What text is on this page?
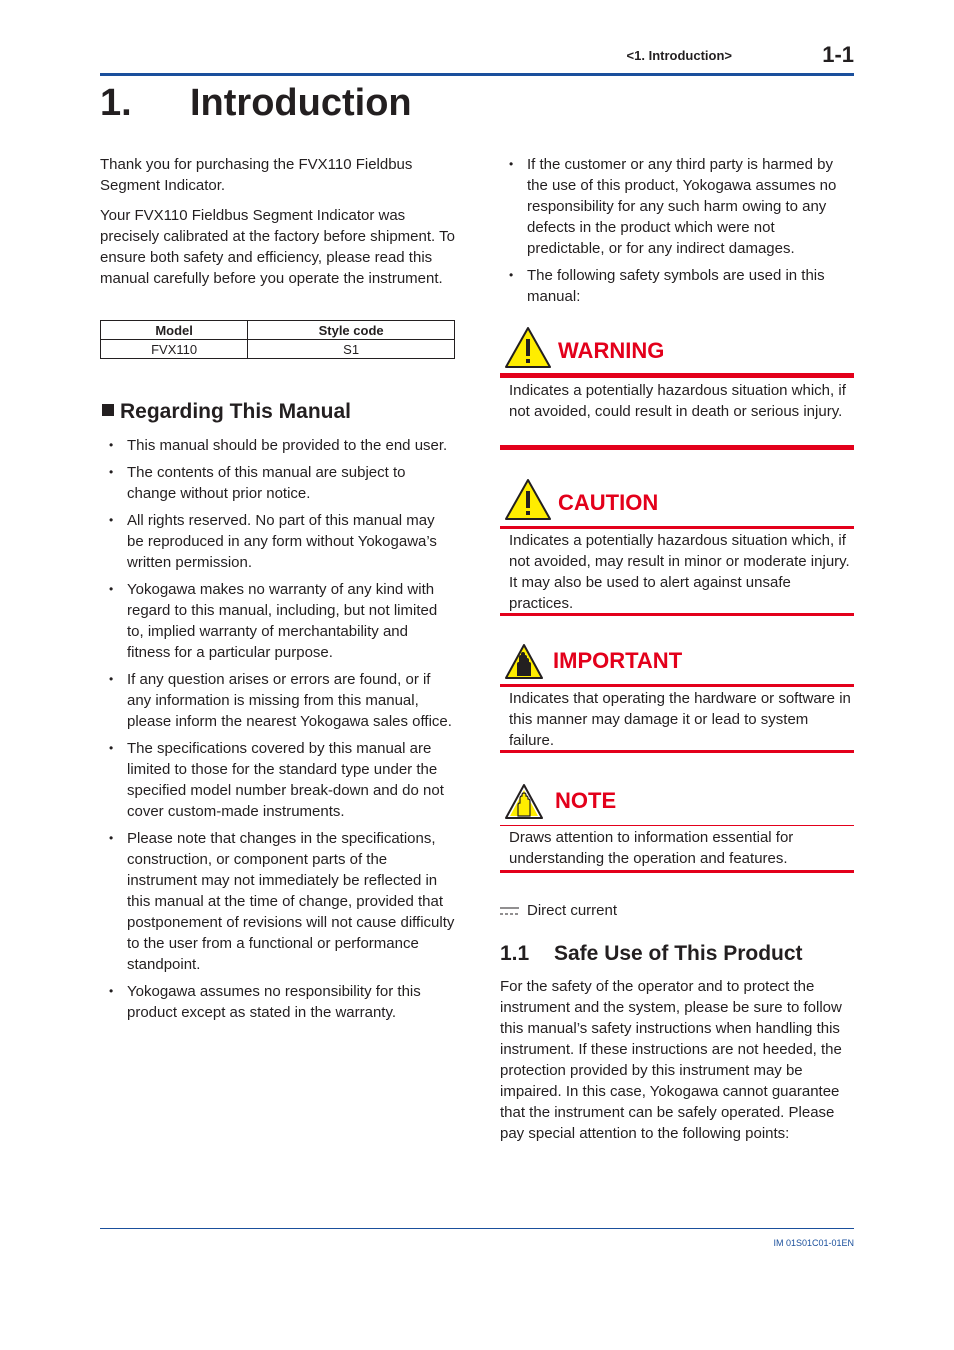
<1. Introduction>	1-1
1. Introduction

Thank you for purchasing the FVX110 Fieldbus Segment Indicator.

Your FVX110 Fieldbus Segment Indicator was precisely calibrated at the factory before shipment. To ensure both safety and efficiency, please read this manual carefully before you operate the instrument.

Model	Style code
FVX110	S1
Regarding This Manual
• This manual should be provided to the end user.
• The contents of this manual are subject to change without prior notice.
• All rights reserved. No part of this manual may be reproduced in any form without Yokogawa’s written permission.
• Yokogawa makes no warranty of any kind with regard to this manual, including, but not limited to, implied warranty of merchantability and fitness for a particular purpose.
• If any question arises or errors are found, or if any information is missing from this manual, please inform the nearest Yokogawa sales office.
• The specifications covered by this manual are limited to those for the standard type under the specified model number break-down and do not cover custom-made instruments.
• Please note that changes in the specifications, construction, or component parts of the instrument may not immediately be reflected in this manual at the time of change, provided that postponement of revisions will not cause difficulty to the user from a functional or performance standpoint.
• Yokogawa assumes no responsibility for this product except as stated in the warranty.
• If the customer or any third party is harmed by the use of this product, Yokogawa assumes no responsibility for any such harm owing to any defects in the product which were not predictable, or for any indirect damages.
• The following safety symbols are used in this manual:
WARNING

Indicates a potentially hazardous situation which, if not avoided, could result in death or serious injury.

CAUTION

Indicates a potentially hazardous situation which, if not avoided, may result in minor or moderate injury. It may also be used to alert against unsafe practices.

IMPORTANT

Indicates that operating the hardware or software in this manner may damage it or lead to system failure.

NOTE

Draws attention to information essential for understanding the operation and features.

Direct current
1.1 Safe Use of This Product

For the safety of the operator and to protect the instrument and the system, please be sure to follow this manual’s safety instructions when handling this instrument. If these instructions are not heeded, the protection provided by this instrument may be impaired. In this case, Yokogawa cannot guarantee that the instrument can be safely operated. Please pay special attention to the following points:

IM 01S01C01-01EN
